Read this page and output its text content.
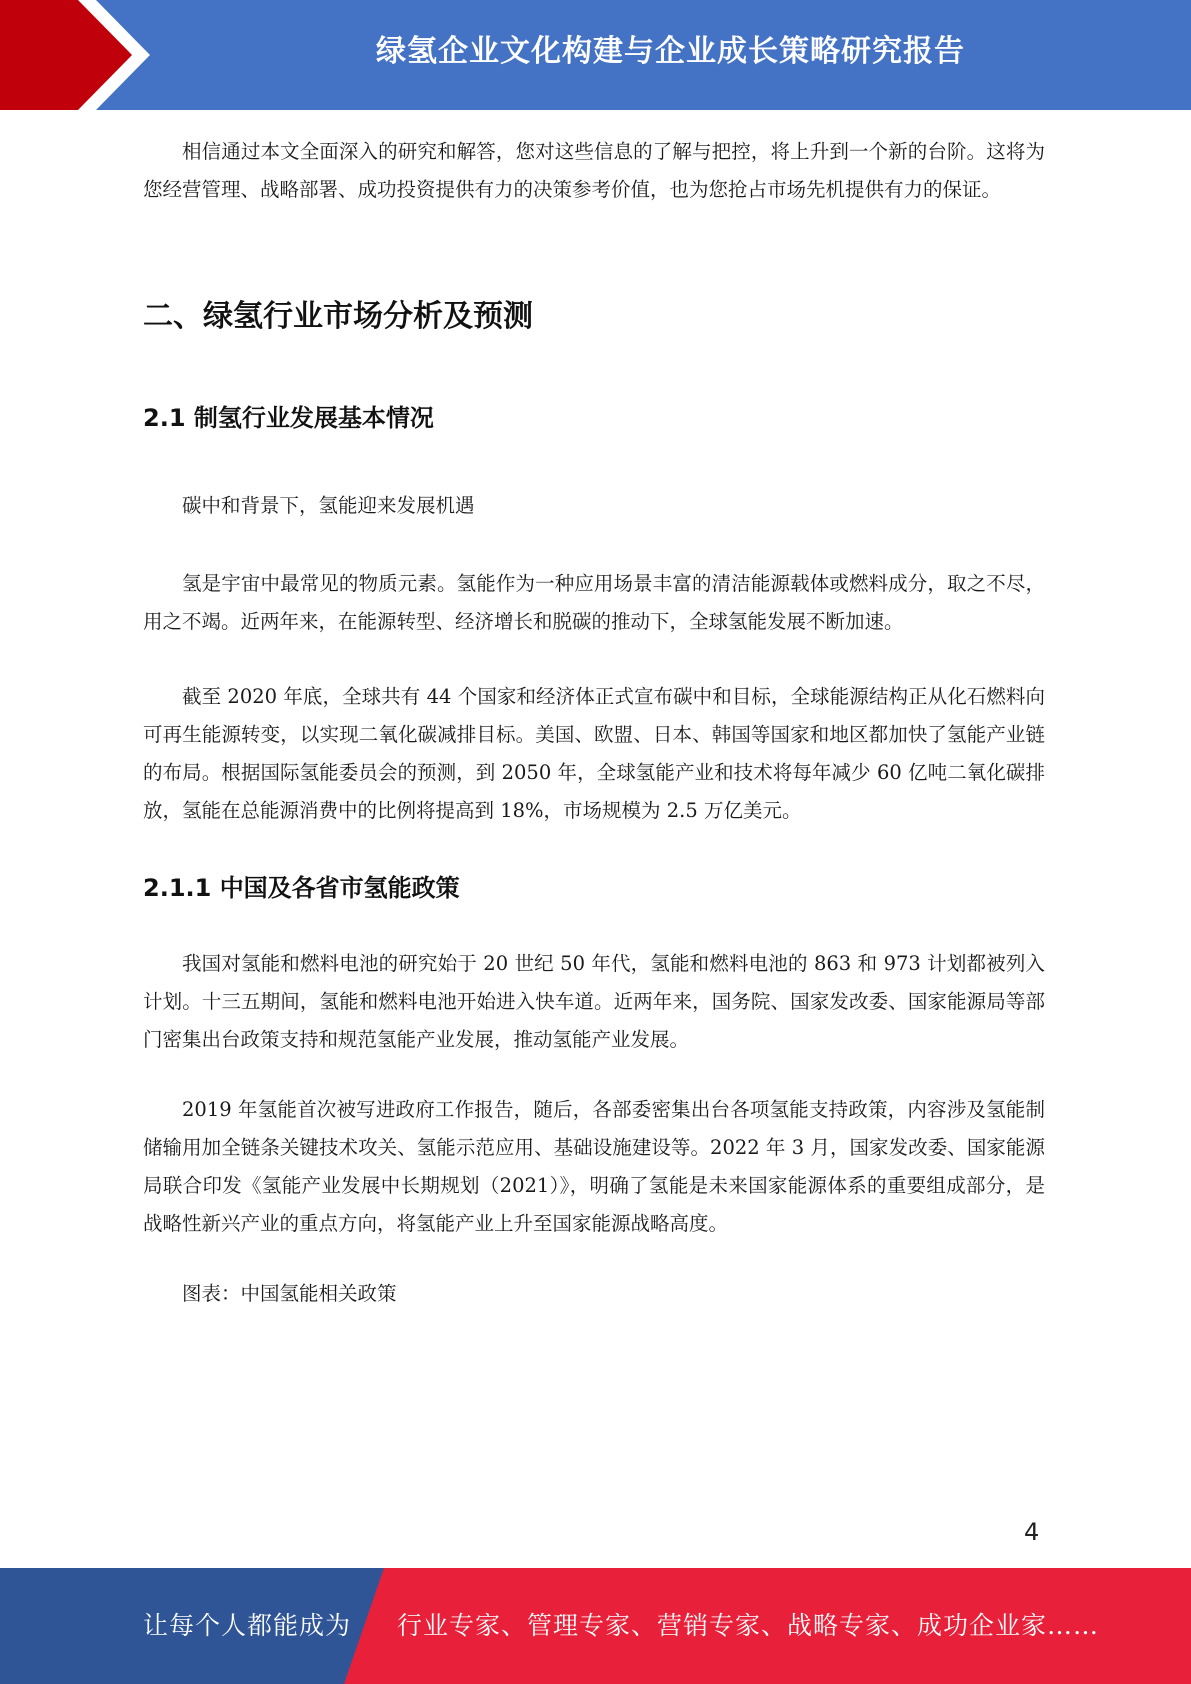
绿氢企业文化构建与企业成长策略研究报告

相信通过本文全面深入的研究和解答，您对这些信息的了解与把控，将上升到一个新的台阶。这将为您经营管理、战略部署、成功投资提供有力的决策参考价值，也为您抢占市场先机提供有力的保证。

二、绿氢行业市场分析及预测
2.1 制氢行业发展基本情况

碳中和背景下，氢能迎来发展机遇

氢是宇宙中最常见的物质元素。氢能作为一种应用场景丰富的清洁能源载体或燃料成分，取之不尽，用之不竭。近两年来，在能源转型、经济增长和脱碳的推动下，全球氢能发展不断加速。

截至 2020 年底，全球共有 44 个国家和经济体正式宣布碳中和目标，全球能源结构正从化石燃料向可再生能源转变，以实现二氧化碳减排目标。美国、欧盟、日本、韩国等国家和地区都加快了氢能产业链的布局。根据国际氢能委员会的预测，到 2050 年，全球氢能产业和技术将每年减少 60 亿吨二氧化碳排放，氢能在总能源消费中的比例将提高到 18%，市场规模为 2.5 万亿美元。

2.1.1 中国及各省市氢能政策

我国对氢能和燃料电池的研究始于 20 世纪 50 年代，氢能和燃料电池的 863 和 973 计划都被列入计划。十三五期间，氢能和燃料电池开始进入快车道。近两年来，国务院、国家发改委、国家能源局等部门密集出台政策支持和规范氢能产业发展，推动氢能产业发展。

2019 年氢能首次被写进政府工作报告，随后，各部委密集出台各项氢能支持政策，内容涉及氢能制储输用加全链条关键技术攻关、氢能示范应用、基础设施建设等。2022 年 3 月，国家发改委、国家能源局联合印发《氢能产业发展中长期规划（2021）》，明确了氢能是未来国家能源体系的重要组成部分，是战略性新兴产业的重点方向，将氢能产业上升至国家能源战略高度。

图表：中国氢能相关政策

4
让每个人都能成为 行业专家、管理专家、营销专家、战略专家、成功企业家……
